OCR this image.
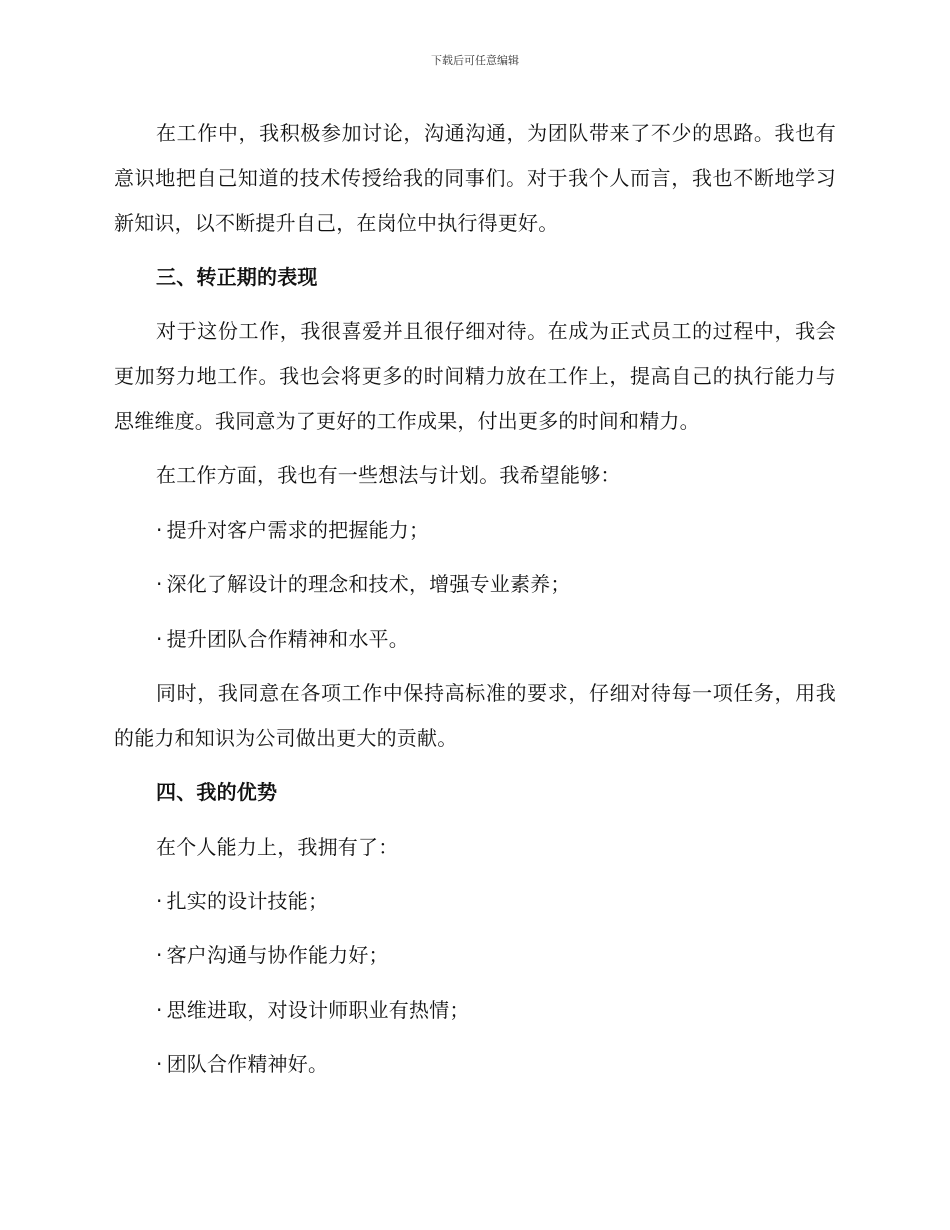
下载后可任意编辑

在工作中，我积极参加讨论，沟通沟通，为团队带来了不少的思路。我也有意识地把自己知道的技术传授给我的同事们。对于我个人而言，我也不断地学习新知识，以不断提升自己，在岗位中执行得更好。

三、转正期的表现

对于这份工作，我很喜爱并且很仔细对待。在成为正式员工的过程中，我会更加努力地工作。我也会将更多的时间精力放在工作上，提高自己的执行能力与思维维度。我同意为了更好的工作成果，付出更多的时间和精力。

在工作方面，我也有一些想法与计划。我希望能够：

· 提升对客户需求的把握能力；
· 深化了解设计的理念和技术，增强专业素养；
· 提升团队合作精神和水平。

同时，我同意在各项工作中保持高标准的要求，仔细对待每一项任务，用我的能力和知识为公司做出更大的贡献。

四、我的优势

在个人能力上，我拥有了：

· 扎实的设计技能；
· 客户沟通与协作能力好；
· 思维进取，对设计师职业有热情；
· 团队合作精神好。
